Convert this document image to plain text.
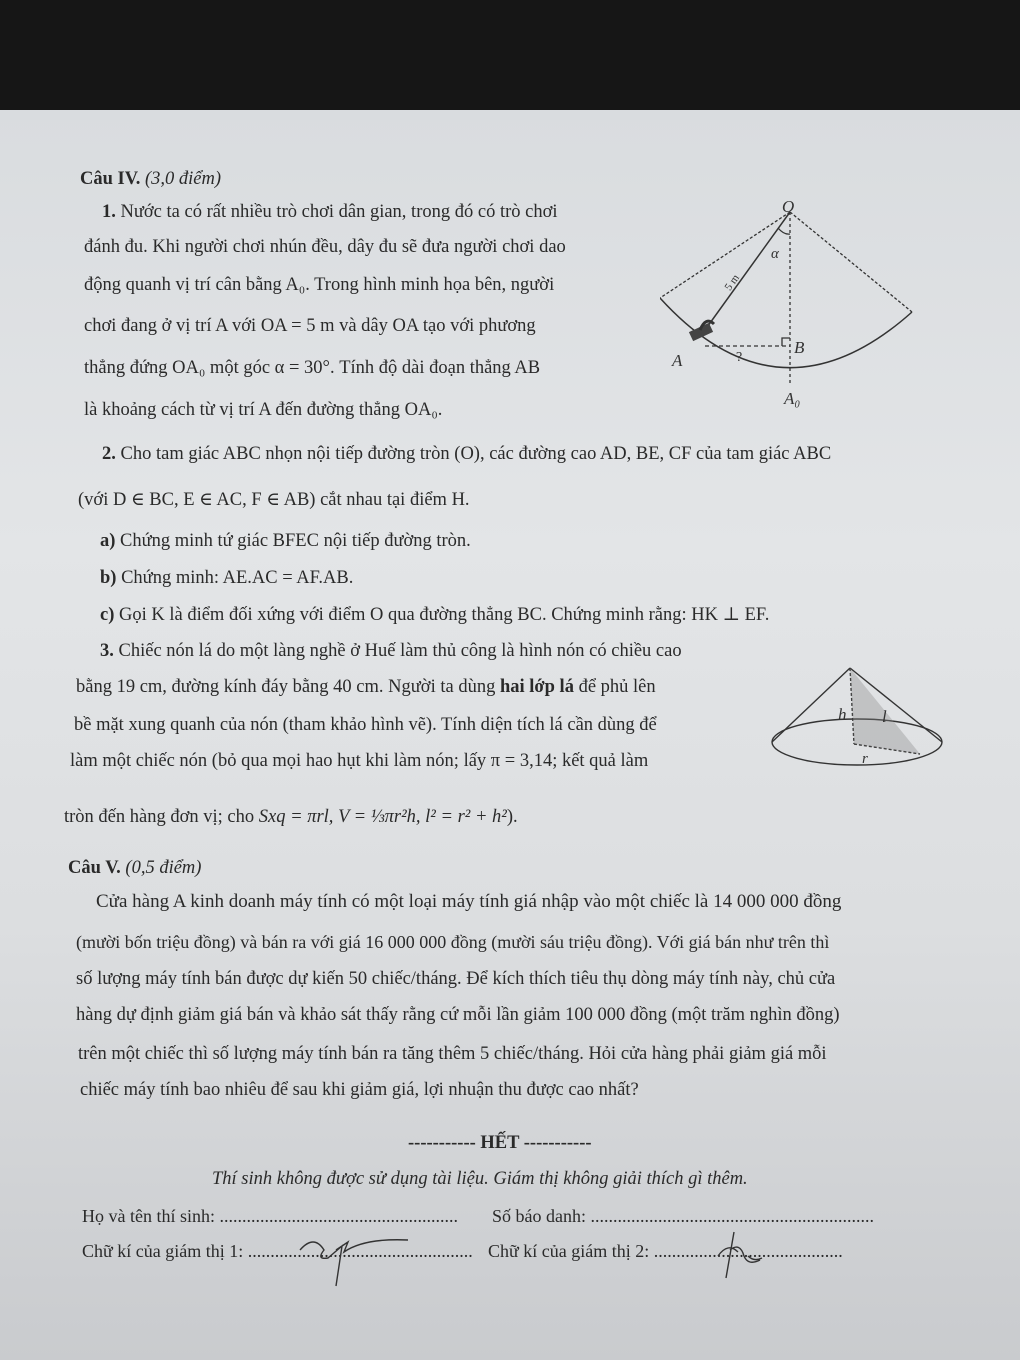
Câu IV. (3,0 điểm)
1. Nước ta có rất nhiều trò chơi dân gian, trong đó có trò chơi
đánh đu. Khi người chơi nhún đều, dây đu sẽ đưa người chơi dao
động quanh vị trí cân bằng A₀. Trong hình minh họa bên, người
chơi đang ở vị trí A với OA = 5 m và dây OA tạo với phương
thẳng đứng OA₀ một góc α = 30°. Tính độ dài đoạn thẳng AB
là khoảng cách từ vị trí A đến đường thẳng OA₀.
O
α
5 m
B
?
A
A₀
2. Cho tam giác ABC nhọn nội tiếp đường tròn (O), các đường cao AD, BE, CF của tam giác ABC
(với D ∈ BC, E ∈ AC, F ∈ AB) cắt nhau tại điểm H.
a) Chứng minh tứ giác BFEC nội tiếp đường tròn.
b) Chứng minh: AE.AC = AF.AB.
c) Gọi K là điểm đối xứng với điểm O qua đường thẳng BC. Chứng minh rằng: HK ⊥ EF.
3. Chiếc nón lá do một làng nghề ở Huế làm thủ công là hình nón có chiều cao
bằng 19 cm, đường kính đáy bằng 40 cm. Người ta dùng hai lớp lá để phủ lên
bề mặt xung quanh của nón (tham khảo hình vẽ). Tính diện tích lá cần dùng để
làm một chiếc nón (bỏ qua mọi hao hụt khi làm nón; lấy π = 3,14; kết quả làm
tròn đến hàng đơn vị; cho Sxq = πrl, V = ⅓πr²h, l² = r² + h²).
h l
r
Câu V. (0,5 điểm)
Cửa hàng A kinh doanh máy tính có một loại máy tính giá nhập vào một chiếc là 14 000 000 đồng
(mười bốn triệu đồng) và bán ra với giá 16 000 000 đồng (mười sáu triệu đồng). Với giá bán như trên thì
số lượng máy tính bán được dự kiến 50 chiếc/tháng. Để kích thích tiêu thụ dòng máy tính này, chủ cửa
hàng dự định giảm giá bán và khảo sát thấy rằng cứ mỗi lần giảm 100 000 đồng (một trăm nghìn đồng)
trên một chiếc thì số lượng máy tính bán ra tăng thêm 5 chiếc/tháng. Hỏi cửa hàng phải giảm giá mỗi
chiếc máy tính bao nhiêu để sau khi giảm giá, lợi nhuận thu được cao nhất?
----------- HẾT -----------
Thí sinh không được sử dụng tài liệu. Giám thị không giải thích gì thêm.
Họ và tên thí sinh: ..................................................... Số báo danh: ...............................................................
Chữ kí của giám thị 1: .................................................. Chữ kí của giám thị 2: ..........................................
